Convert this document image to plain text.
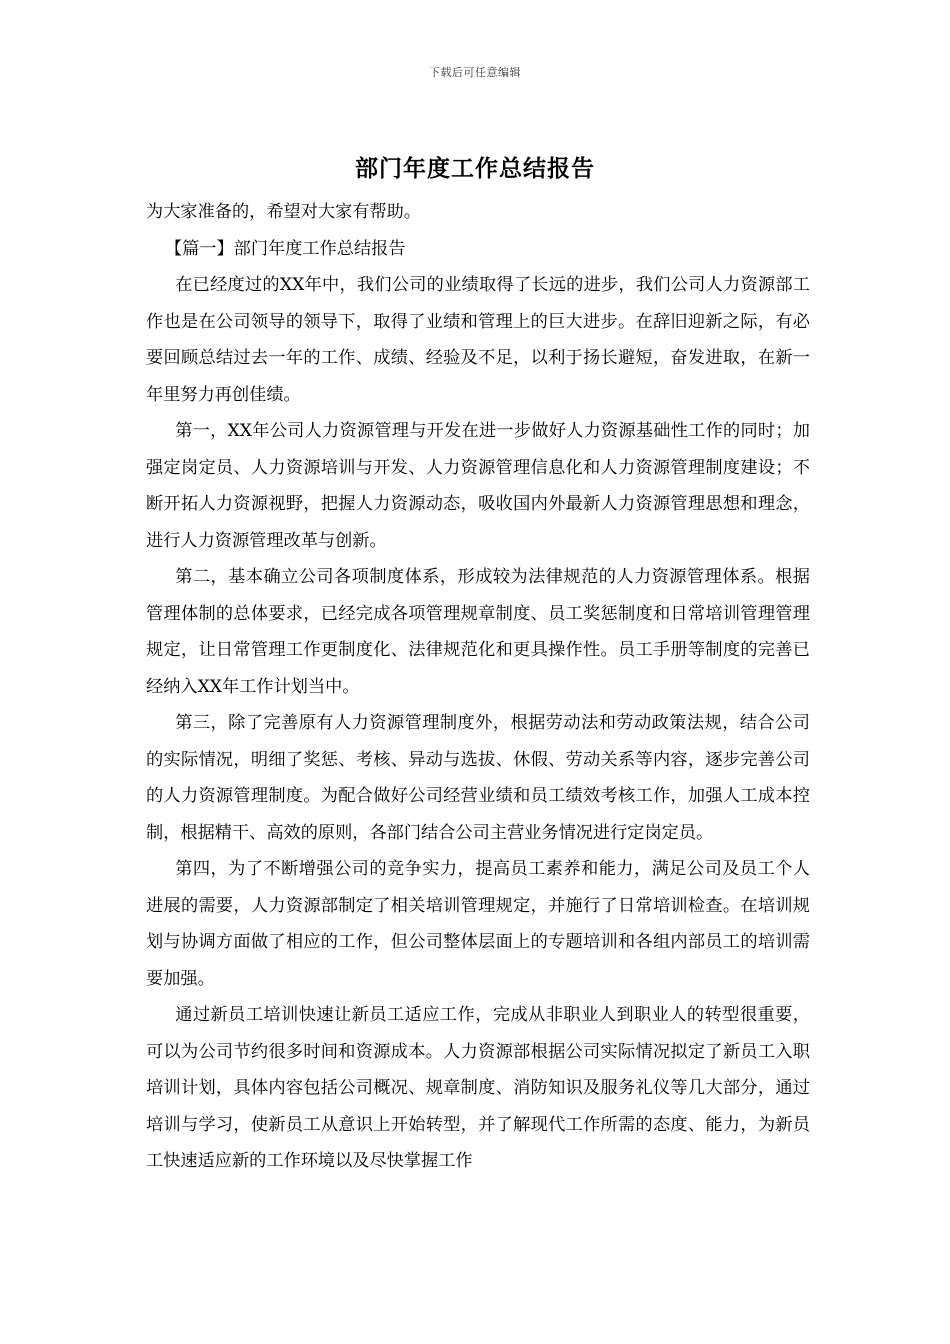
下载后可任意编辑
部门年度工作总结报告

为大家准备的，希望对大家有帮助。

【篇一】部门年度工作总结报告

在已经度过的XX年中，我们公司的业绩取得了长远的进步，我们公司人力资源部工作也是在公司领导的领导下，取得了业绩和管理上的巨大进步。在辞旧迎新之际，有必要回顾总结过去一年的工作、成绩、经验及不足，以利于扬长避短，奋发进取，在新一年里努力再创佳绩。

第一，XX年公司人力资源管理与开发在进一步做好人力资源基础性工作的同时；加强定岗定员、人力资源培训与开发、人力资源管理信息化和人力资源管理制度建设；不断开拓人力资源视野，把握人力资源动态，吸收国内外最新人力资源管理思想和理念，进行人力资源管理改革与创新。

第二，基本确立公司各项制度体系，形成较为法律规范的人力资源管理体系。根据管理体制的总体要求，已经完成各项管理规章制度、员工奖惩制度和日常培训管理管理规定，让日常管理工作更制度化、法律规范化和更具操作性。员工手册等制度的完善已经纳入XX年工作计划当中。

第三，除了完善原有人力资源管理制度外，根据劳动法和劳动政策法规，结合公司的实际情况，明细了奖惩、考核、异动与选拔、休假、劳动关系等内容，逐步完善公司的人力资源管理制度。为配合做好公司经营业绩和员工绩效考核工作，加强人工成本控制，根据精干、高效的原则，各部门结合公司主营业务情况进行定岗定员。

第四，为了不断增强公司的竞争实力，提高员工素养和能力，满足公司及员工个人进展的需要，人力资源部制定了相关培训管理规定，并施行了日常培训检查。在培训规划与协调方面做了相应的工作，但公司整体层面上的专题培训和各组内部员工的培训需要加强。

通过新员工培训快速让新员工适应工作，完成从非职业人到职业人的转型很重要，可以为公司节约很多时间和资源成本。人力资源部根据公司实际情况拟定了新员工入职培训计划，具体内容包括公司概况、规章制度、消防知识及服务礼仪等几大部分，通过培训与学习，使新员工从意识上开始转型，并了解现代工作所需的态度、能力，为新员工快速适应新的工作环境以及尽快掌握工作
